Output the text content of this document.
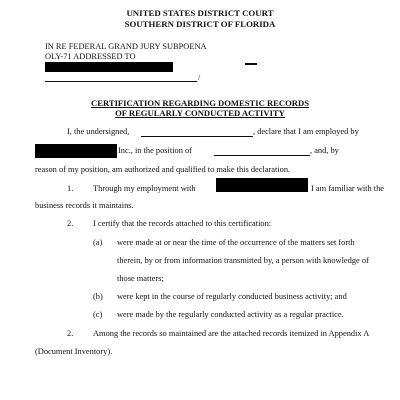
UNITED STATES DISTRICT COURT
SOUTHERN DISTRICT OF FLORIDA
IN RE FEDERAL GRAND JURY SUBPOENA
OLY-71 ADDRESSED TO
/
CERTIFICATION REGARDING DOMESTIC RECORDS
OF REGULARLY CONDUCTED ACTIVITY
I, the undersigned,	, declare that I am employed by
Inc., in the position of	, and, by
reason of my position, am authorized and qualified to make this declaration.
1. Through my employment with	I am familiar with the
business records it maintains.
2. I certify that the records attached to this certification:
(a) were made at or near the time of the occurrence of the matters set forth
therein, by or from information transmitted by, a person with knowledge of
those matters;
(b) were kept in the course of regularly conducted business activity; and
(c) were made by the regularly conducted activity as a regular practice.
2. Among the records so maintained are the attached records itemized in Appendix A
(Document Inventory).
